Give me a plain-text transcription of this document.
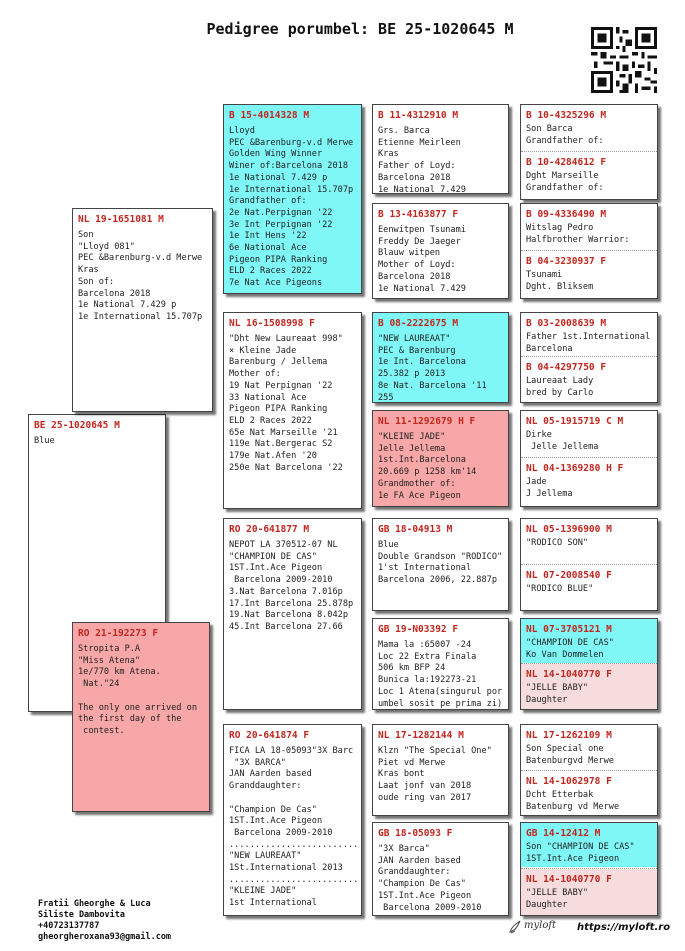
Pedigree porumbel: BE 25-1020645 M
BE 25-1020645 M
Blue
NL 19-1651081 M
Son
"Lloyd 081"
PEC &Barenburg-v.d Merwe
Kras
Son of:
Barcelona 2018
1e National 7.429 p
1e International 15.707p
RO 21-192273 F
Stropita P.A
"Miss Atena"
1e/770 km Atena.
Nat."24

The only one arrived on
the first day of the
contest.
B 15-4014328 M
Lloyd
PEC &Barenburg-v.d Merwe
Golden Wing Winner
Winer of:Barcelona 2018
1e National 7.429 p
1e International 15.707p
Grandfather of:
2e Nat.Perpignan '22
3e Int Perpignan '22
1e Int Hens '22
6e National Ace
Pigeon PIPA Ranking
ELD 2 Races 2022
7e Nat Ace Pigeons
NL 16-1508998 F
"Dht New Laureaat 998"
× Kleine Jade
Barenburg / Jellema
Mother of:
19 Nat Perpignan '22
33 National Ace
Pigeon PIPA Ranking
ELD 2 Races 2022
65e Nat Marseille '21
119e Nat.Bergerac S2
179e Nat.Afen '20
250e Nat Barcelona '22
RO 20-641877 M
NEPOT LA 370512-07 NL
"CHAMPION DE CAS"
1ST.Int.Ace Pigeon
Barcelona 2009-2010
3.Nat Barcelona 7.016p
17.Int Barcelona 25.878p
19.Nat Barcelona 8.042p
45.Int Barcelona 27.66
RO 20-641874 F
FICA LA 18-05093"3X Barc
"3X BARCA"
JAN Aarden based
Granddaughter:

"Champion De Cas"
1ST.Int.Ace Pigeon
Barcelona 2009-2010
.........................
"NEW LAUREAAT"
1St.International 2013
.........................
"KLEINE JADE"
1st International
B 11-4312910 M
Grs. Barca
Etienne Meirleen
Kras
Father of Loyd:
Barcelona 2018
1e National 7.429
B 13-4163877 F
Eenwitpen Tsunami
Freddy De Jaeger
Blauw witpen
Mother of Loyd:
Barcelona 2018
1e National 7.429
B 08-2222675 M
"NEW LAUREAAT"
PEC & Barenburg
1e Int. Barcelona
25.382 p 2013
8e Nat. Barcelona '11
255
NL 11-1292679 H F
"KLEINE JADE"
Jelle Jellema
1st.Int.Barcelona
20.669 p 1258 km'14
Grandmother of:
1e FA Ace Pigeon
GB 18-04913 M
Blue
Double Grandson "RODICO"
1'st International
Barcelona 2006, 22.887p
GB 19-N03392 F
Mama la :65007 -24
Loc 22 Extra Finala
506 km BFP 24
Bunica la:192273-21
Loc 1 Atena(singurul por
umbel sosit pe prima zi)
NL 17-1282144 M
Klzn "The Special One"
Piet vd Merwe
Kras bont
Laat jonf van 2018
oude ring van 2017
GB 18-05093 F
"3X Barca"
JAN Aarden based
Granddaughter:
"Champion De Cas"
1ST.Int.Ace Pigeon
Barcelona 2009-2010
B 10-4325296 M
Son Barca
Grandfather of:
B 10-4284612 F
Dght Marseille
Grandfather of:
B 09-4336490 M
Witslag Pedro
Halfbrother Warrior:
B 04-3230937 F
Tsunami
Dght. Bliksem
B 03-2008639 M
Father 1st.International
Barcelona
B 04-4297750 F
Laureaat Lady
bred by Carlo
NL 05-1915719 C M
Dirke
Jelle Jellema
NL 04-1369280 H F
Jade
J Jellema
NL 05-1396900 M
"RODICO SON"
NL 07-2008540 F
"RODICO BLUE"
NL 07-3705121 M
"CHAMPION DE CAS"
Ko Van Dommelen
NL 14-1040770 F
"JELLE BABY"
Daughter
NL 17-1262109 M
Son Special one
Batenburgvd Merwe
NL 14-1062978 F
Dcht Etterbak
Batenburg vd Merwe
GB 14-12412 M
Son "CHAMPION DE CAS"
1ST.Int.Ace Pigeon
NL 14-1040770 F
"JELLE BABY"
Daughter
Fratii Gheorghe & Luca
Siliste Dambovita
+40723137787
gheorgheroxana93@gmail.com
myloft https://myloft.ro
